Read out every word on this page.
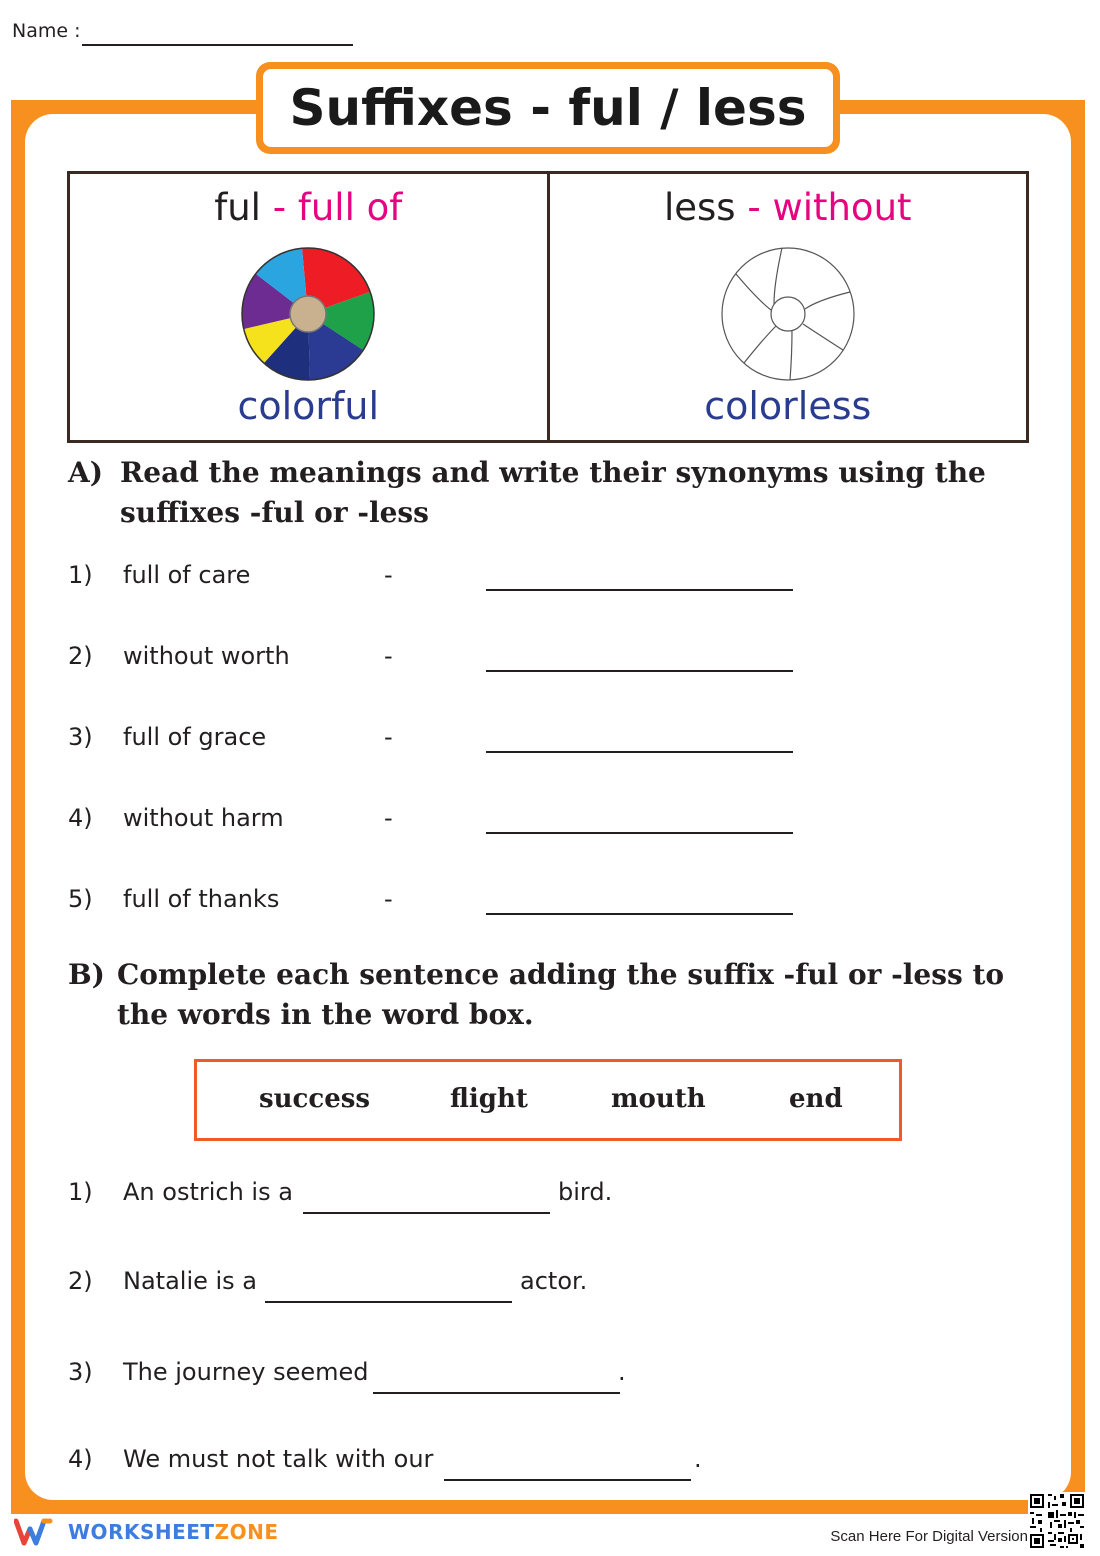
Name :
Suffixes - ful / less
ful - full of
colorful
less - without
colorless
A) Read the meanings and write their synonyms using the suffixes -ful or -less
1) full of care	-
2) without worth	-
3) full of grace	-
4) without harm	-
5) full of thanks	-
B) Complete each sentence adding the suffix -ful or -less to the words in the word box.
success	flight	mouth	end
1) An ostrich is a	bird.
2) Natalie is a	actor.
3) The journey seemed	.
4) We must not talk with our	.
WORKSHEETZONE	Scan Here For Digital Version
